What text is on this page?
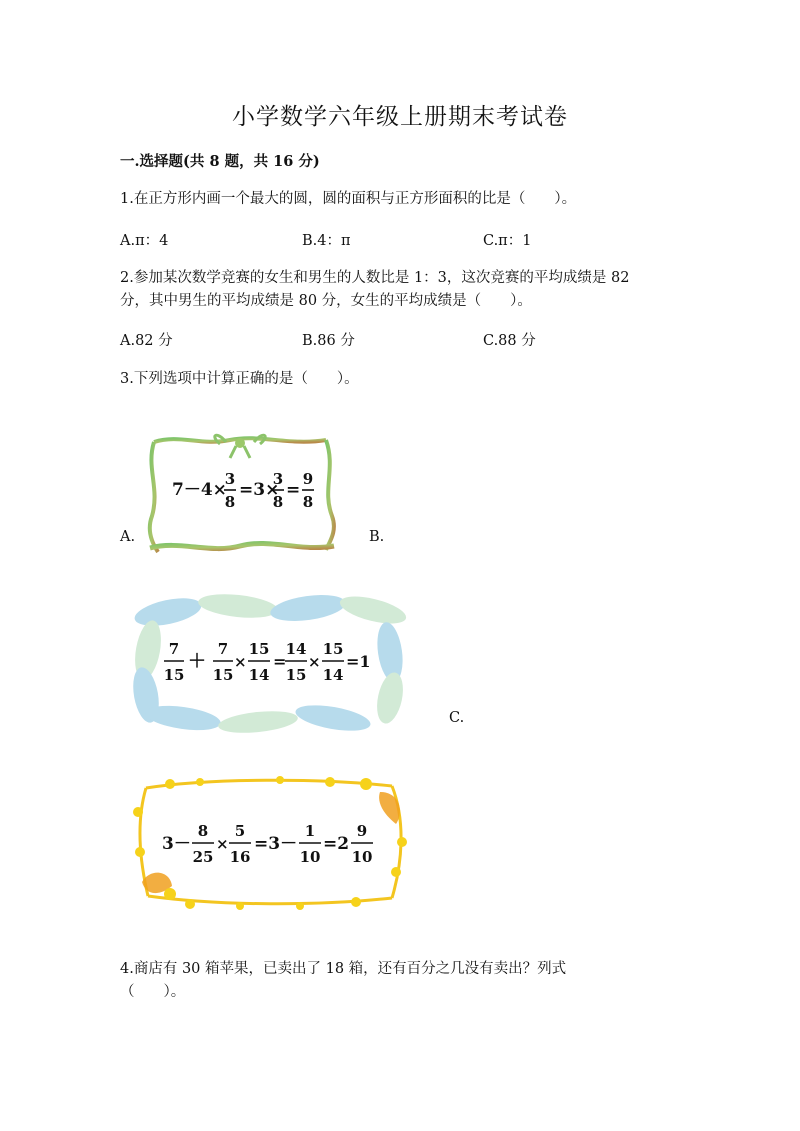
小学数学六年级上册期末考试卷
一.选择题(共 8 题，共 16 分)
1.在正方形内画一个最大的圆，圆的面积与正方形面积的比是（　　）。
A.π：4	B.4：π	C.π：1
2.参加某次数学竞赛的女生和男生的人数比是 1：3，这次竞赛的平均成绩是 82
分，其中男生的平均成绩是 80 分，女生的平均成绩是（　　）。
A.82 分	B.86 分	C.88 分
3.下列选项中计算正确的是（　　）。
7－4×
3
8
=3×
3
8
=
9
8
A.	B.
7
15
＋
7
15
×
15
14
=
14
15
×
15
14
=1
C.
3－
8
25
×
5
16
=3－
1
10
=2
9
10
4.商店有 30 箱苹果，已卖出了 18 箱，还有百分之几没有卖出？列式
（　　）。
